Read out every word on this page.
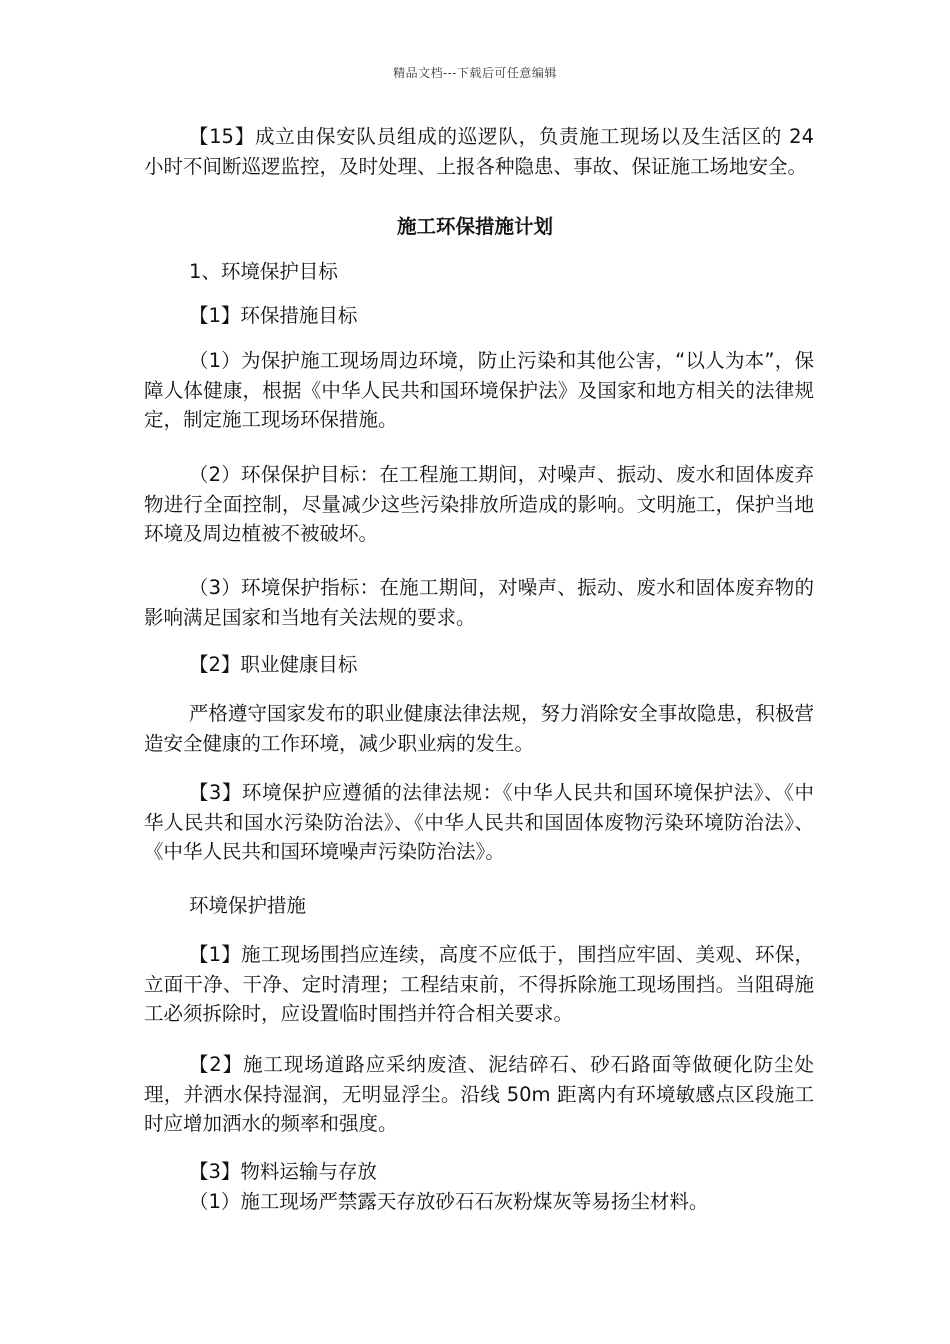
精品文档---下载后可任意编辑

【15】成立由保安队员组成的巡逻队，负责施工现场以及生活区的 24 小时不间断巡逻监控，及时处理、上报各种隐患、事故、保证施工场地安全。

施工环保措施计划
1、环境保护目标
【1】环保措施目标

（1）为保护施工现场周边环境，防止污染和其他公害，“以人为本”，保障人体健康，根据《中华人民共和国环境保护法》及国家和地方相关的法律规定，制定施工现场环保措施。

（2）环保保护目标：在工程施工期间，对噪声、振动、废水和固体废弃物进行全面控制，尽量减少这些污染排放所造成的影响。文明施工，保护当地环境及周边植被不被破坏。

（3）环境保护指标：在施工期间，对噪声、振动、废水和固体废弃物的影响满足国家和当地有关法规的要求。

【2】职业健康目标

严格遵守国家发布的职业健康法律法规，努力消除安全事故隐患，积极营造安全健康的工作环境，减少职业病的发生。

【3】环境保护应遵循的法律法规：《中华人民共和国环境保护法》、《中华人民共和国水污染防治法》、《中华人民共和国固体废物污染环境防治法》、《中华人民共和国环境噪声污染防治法》。

环境保护措施

【1】施工现场围挡应连续，高度不应低于，围挡应牢固、美观、环保，立面干净、干净、定时清理；工程结束前，不得拆除施工现场围挡。当阻碍施工必须拆除时，应设置临时围挡并符合相关要求。

【2】施工现场道路应采纳废渣、泥结碎石、砂石路面等做硬化防尘处理，并洒水保持湿润，无明显浮尘。沿线 50m 距离内有环境敏感点区段施工时应增加洒水的频率和强度。

【3】物料运输与存放
（1）施工现场严禁露天存放砂石石灰粉煤灰等易扬尘材料。
